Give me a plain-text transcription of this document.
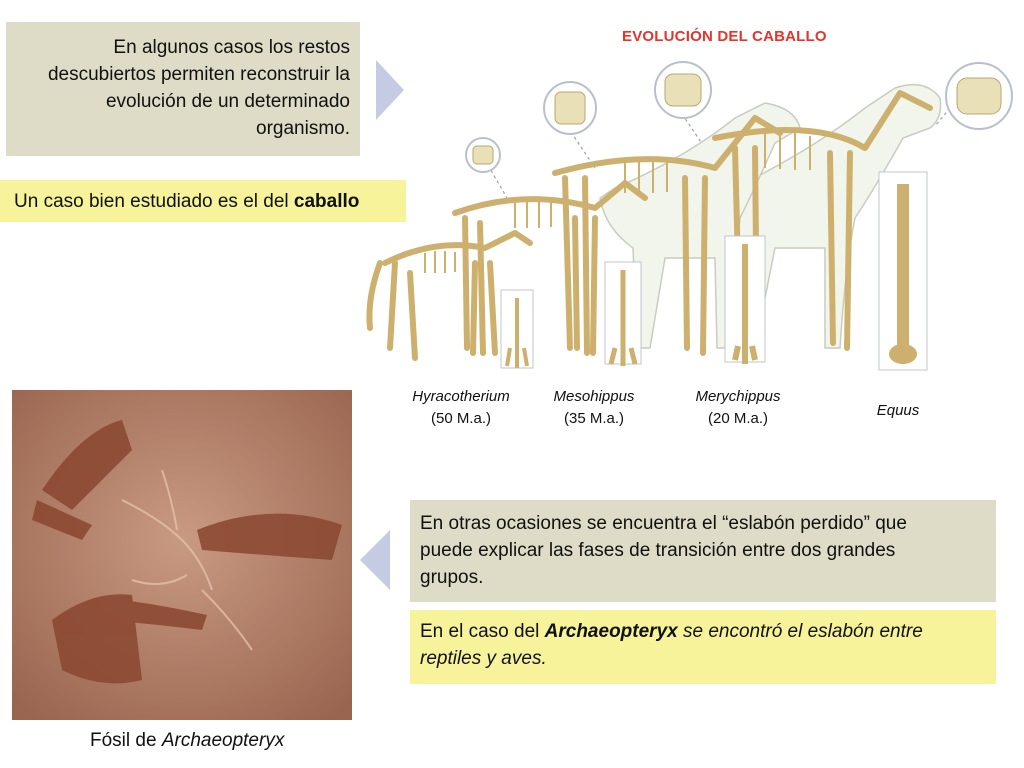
En algunos casos los restos
descubiertos permiten reconstruir la
evolución de un determinado
organismo.
Un caso bien estudiado es el del caballo
EVOLUCIÓN DEL CABALLO
Hyracotherium
(50 M.a.)
Mesohippus
(35 M.a.)
Merychippus
(20 M.a.)	Equus
Fósil de Archaeopteryx
En otras ocasiones se encuentra el “eslabón perdido” que
puede explicar las fases de transición entre dos grandes
grupos.
En el caso del Archaeopteryx se encontró el eslabón entre
reptiles y aves.
